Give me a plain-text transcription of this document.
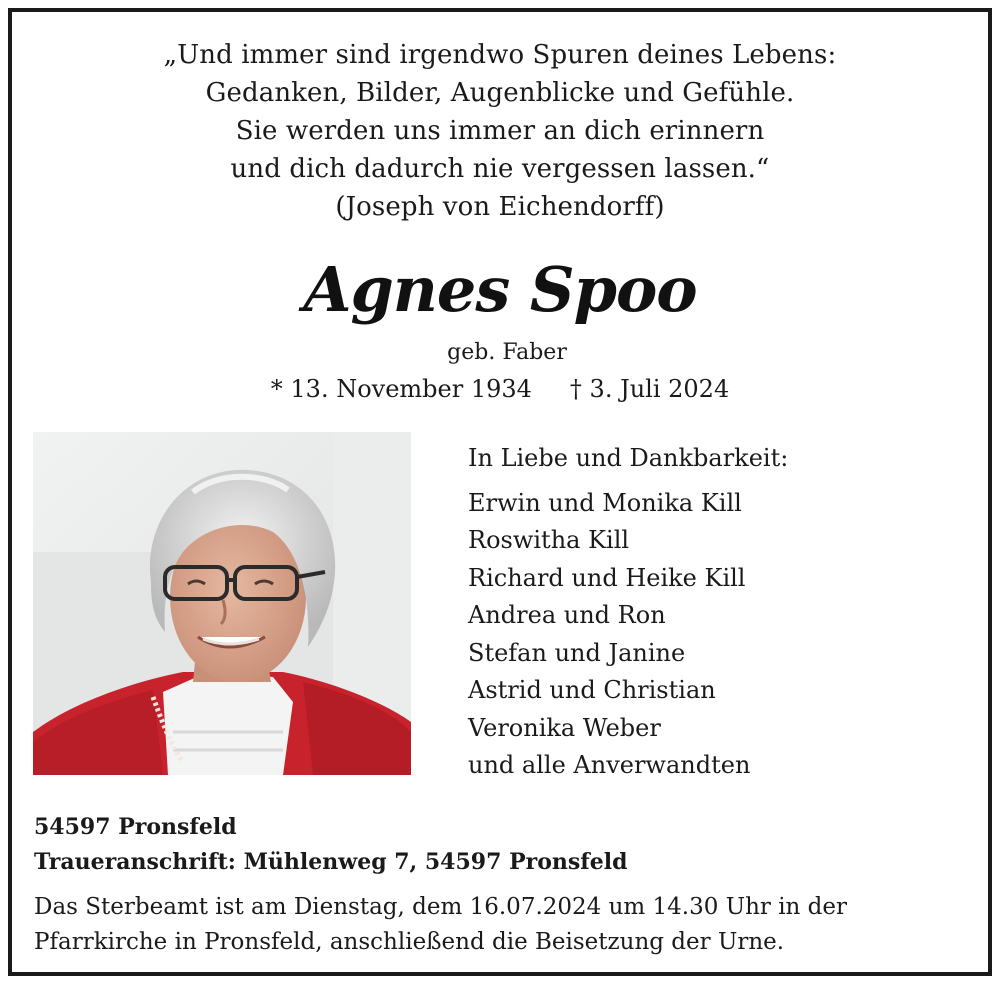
„Und immer sind irgendwo Spuren deines Lebens:
Gedanken, Bilder, Augenblicke und Gefühle.
Sie werden uns immer an dich erinnern
und dich dadurch nie vergessen lassen.“
(Joseph von Eichendorff)
Agnes Spoo
geb. Faber
* 13. November 1934 † 3. Juli 2024
In Liebe und Dankbarkeit:
Erwin und Monika Kill
Roswitha Kill
Richard und Heike Kill
Andrea und Ron
Stefan und Janine
Astrid und Christian
Veronika Weber
und alle Anverwandten
54597 Pronsfeld
Traueranschrift: Mühlenweg 7, 54597 Pronsfeld
Das Sterbeamt ist am Dienstag, dem 16.07.2024 um 14.30 Uhr in der
Pfarrkirche in Pronsfeld, anschließend die Beisetzung der Urne.
